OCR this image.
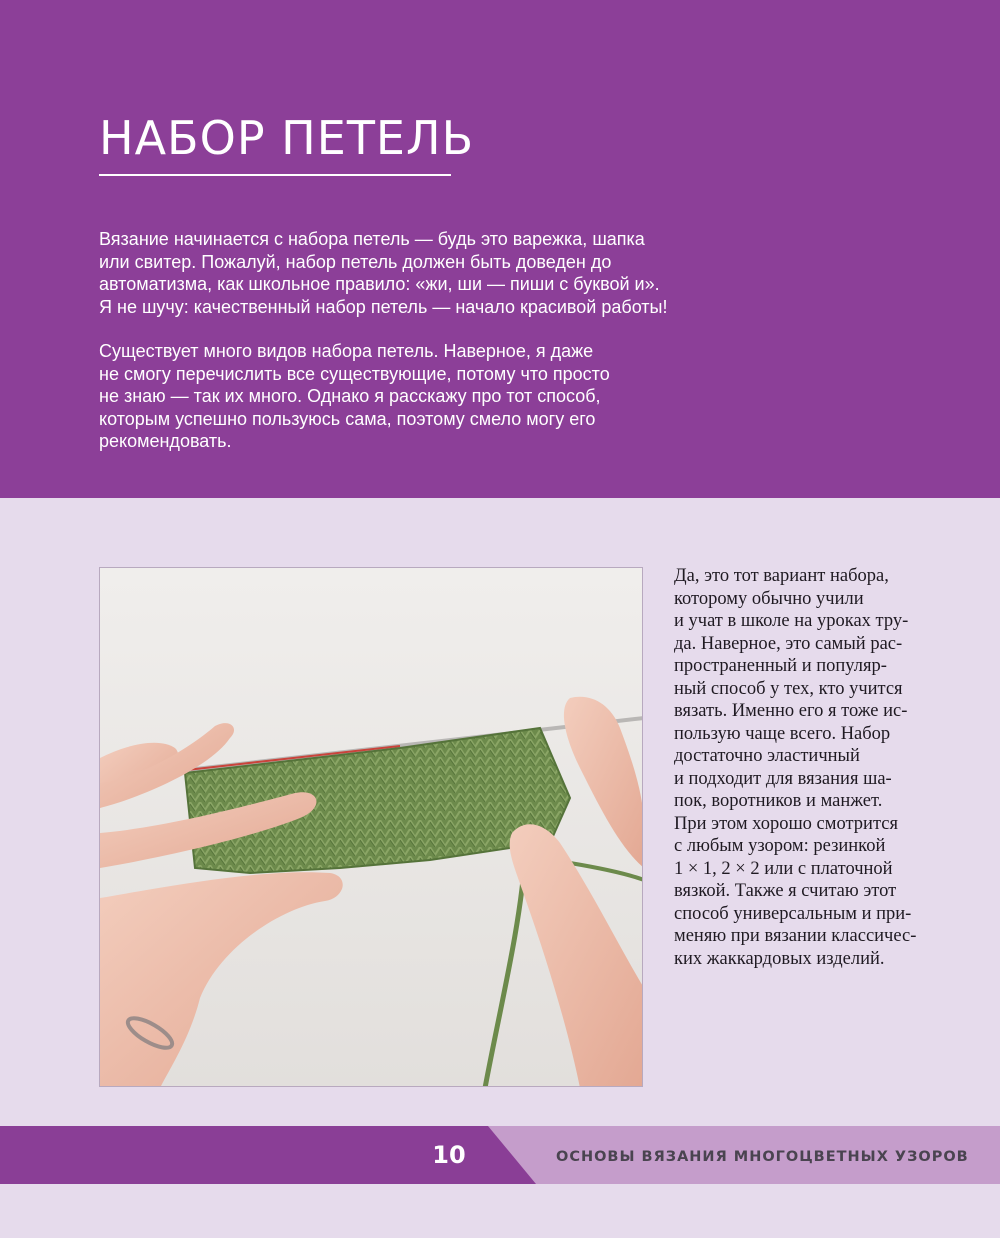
НАБОР ПЕТЕЛЬ

Вязание начинается с набора петель — будь это варежка, шапка
или свитер. Пожалуй, набор петель должен быть доведен до
автоматизма, как школьное правило: «жи, ши — пиши с буквой и».
Я не шучу: качественный набор петель — начало красивой работы!

Существует много видов набора петель. Наверное, я даже
не смогу перечислить все существующие, потому что просто
не знаю — так их много. Однако я расскажу про тот способ,
которым успешно пользуюсь сама, поэтому смело могу его
рекомендовать.

Да, это тот вариант набора,
которому обычно учили
и учат в школе на уроках тру-
да. Наверное, это самый рас-
пространенный и популяр-
ный способ у тех, кто учится
вязать. Именно его я тоже ис-
пользую чаще всего. Набор
достаточно эластичный
и подходит для вязания ша-
пок, воротников и манжет.
При этом хорошо смотрится
с любым узором: резинкой
1 × 1, 2 × 2 или с платочной
вязкой. Также я считаю этот
способ универсальным и при-
меняю при вязании классичес-
ких жаккардовых изделий.

10	ОСНОВЫ ВЯЗАНИЯ МНОГОЦВЕТНЫХ УЗОРОВ
